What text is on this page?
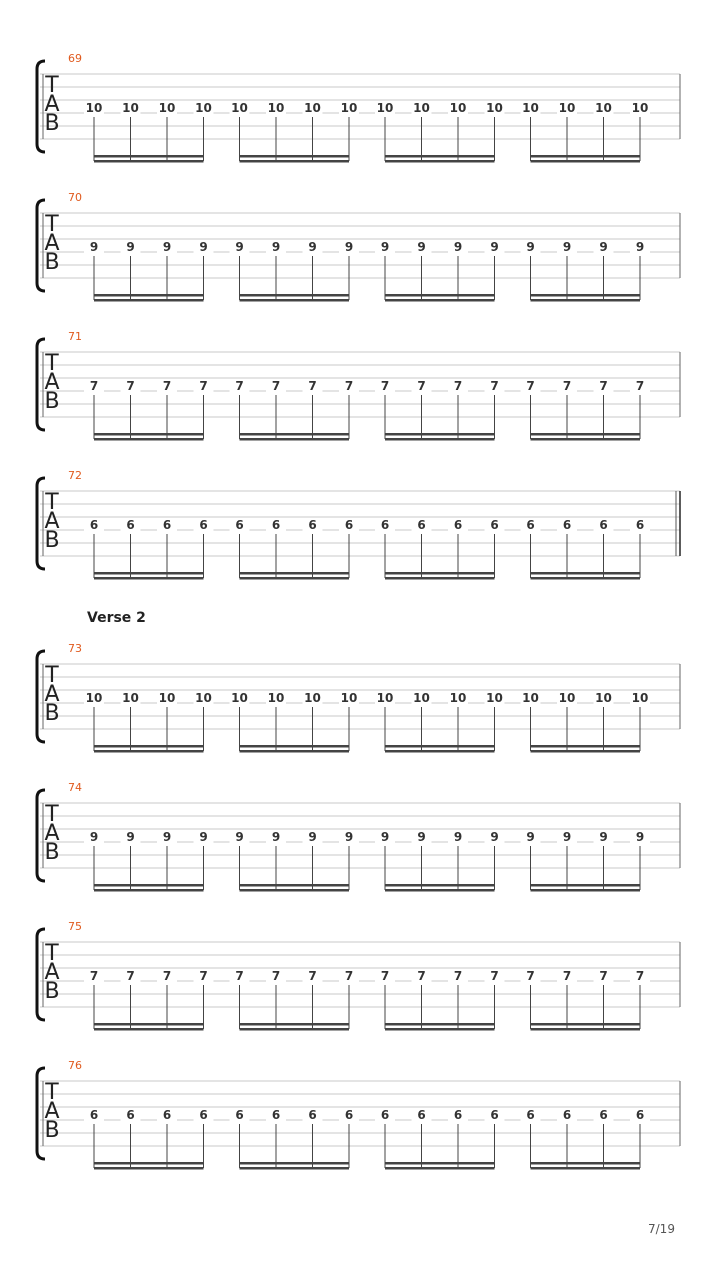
69
T
A
B
10 10 10 10 10 10 10 10 10 10 10 10 10 10 10 10
70
T
A
B
9 9 9 9 9 9 9 9 9 9 9 9 9 9 9 9
71
T
A
B
7 7 7 7 7 7 7 7 7 7 7 7 7 7 7 7
72
T
A
B
6 6 6 6 6 6 6 6 6 6 6 6 6 6 6 6
73
T
A
B
10 10 10 10 10 10 10 10 10 10 10 10 10 10 10 10
74
T
A
B
9 9 9 9 9 9 9 9 9 9 9 9 9 9 9 9
75
T
A
B
7 7 7 7 7 7 7 7 7 7 7 7 7 7 7 7
76
T
A
B
6 6 6 6 6 6 6 6 6 6 6 6 6 6 6 6
Verse 2
7/19
